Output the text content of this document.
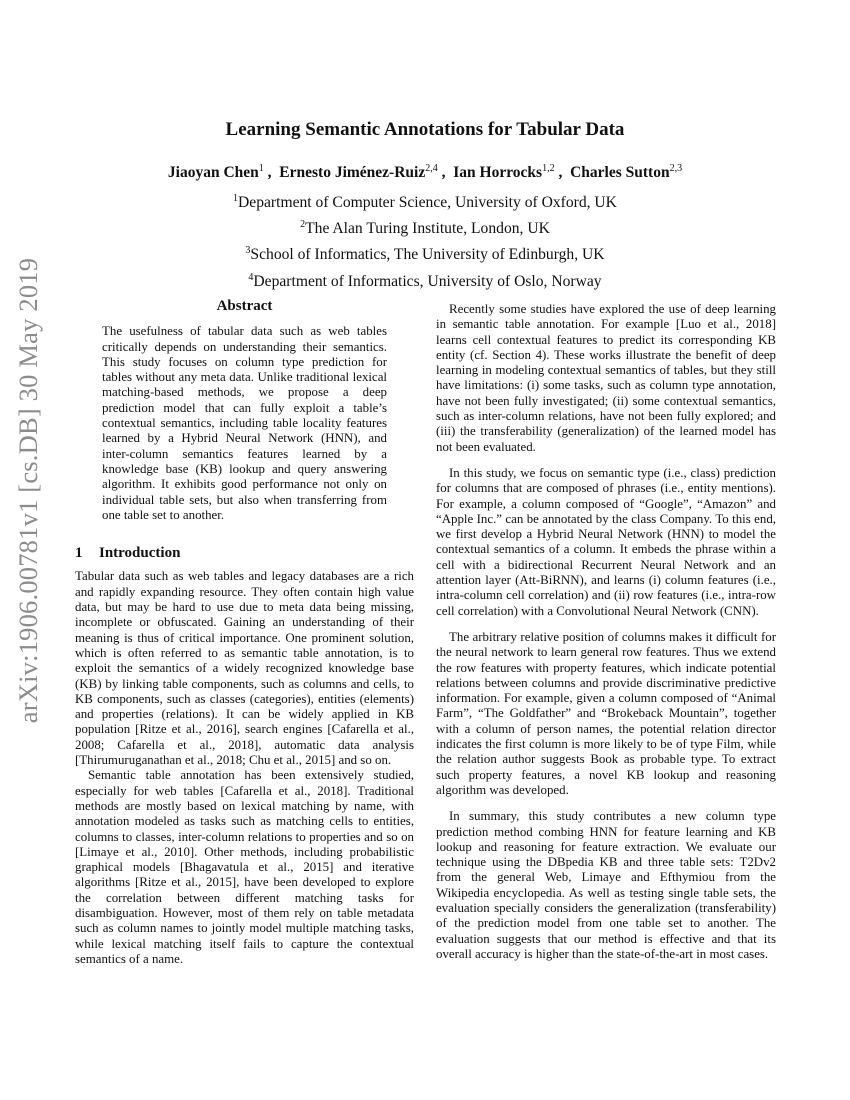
arXiv:1906.00781v1 [cs.DB] 30 May 2019
Learning Semantic Annotations for Tabular Data
Jiaoyan Chen$^1$ ,  Ernesto Jiménez-Ruiz$^{2,4}$ ,  Ian Horrocks$^{1,2}$ ,  Charles Sutton$^{2,3}$
$^1$Department of Computer Science, University of Oxford, UK
$^2$The Alan Turing Institute, London, UK
$^3$School of Informatics, The University of Edinburgh, UK
$^4$Department of Informatics, University of Oslo, Norway
Abstract

The usefulness of tabular data such as web tables critically depends on understanding their semantics. This study focuses on column type prediction for tables without any meta data. Unlike traditional lexical matching-based methods, we propose a deep prediction model that can fully exploit a table’s contextual semantics, including table locality features learned by a Hybrid Neural Network (HNN), and inter-column semantics features learned by a knowledge base (KB) lookup and query answering algorithm. It exhibits good performance not only on individual table sets, but also when transferring from one table set to another.

1 Introduction

Tabular data such as web tables and legacy databases are a rich and rapidly expanding resource. They often contain high value data, but may be hard to use due to meta data being missing, incomplete or obfuscated. Gaining an understanding of their meaning is thus of critical importance. One prominent solution, which is often referred to as semantic table annotation, is to exploit the semantics of a widely recognized knowledge base (KB) by linking table components, such as columns and cells, to KB components, such as classes (categories), entities (elements) and properties (relations). It can be widely applied in KB population [Ritze et al., 2016], search engines [Cafarella et al., 2008; Cafarella et al., 2018], automatic data analysis [Thirumuruganathan et al., 2018; Chu et al., 2015] and so on.

Semantic table annotation has been extensively studied, especially for web tables [Cafarella et al., 2018]. Traditional methods are mostly based on lexical matching by name, with annotation modeled as tasks such as matching cells to entities, columns to classes, inter-column relations to properties and so on [Limaye et al., 2010]. Other methods, including probabilistic graphical models [Bhagavatula et al., 2015] and iterative algorithms [Ritze et al., 2015], have been developed to explore the correlation between different matching tasks for disambiguation. However, most of them rely on table metadata such as column names to jointly model multiple matching tasks, while lexical matching itself fails to capture the contextual semantics of a name.

Recently some studies have explored the use of deep learning in semantic table annotation. For example [Luo et al., 2018] learns cell contextual features to predict its corresponding KB entity (cf. Section 4). These works illustrate the benefit of deep learning in modeling contextual semantics of tables, but they still have limitations: (i) some tasks, such as column type annotation, have not been fully investigated; (ii) some contextual semantics, such as inter-column relations, have not been fully explored; and (iii) the transferability (generalization) of the learned model has not been evaluated.

In this study, we focus on semantic type (i.e., class) prediction for columns that are composed of phrases (i.e., entity mentions). For example, a column composed of “Google”, “Amazon” and “Apple Inc.” can be annotated by the class Company. To this end, we first develop a Hybrid Neural Network (HNN) to model the contextual semantics of a column. It embeds the phrase within a cell with a bidirectional Recurrent Neural Network and an attention layer (Att-BiRNN), and learns (i) column features (i.e., intra-column cell correlation) and (ii) row features (i.e., intra-row cell correlation) with a Convolutional Neural Network (CNN).

The arbitrary relative position of columns makes it difficult for the neural network to learn general row features. Thus we extend the row features with property features, which indicate potential relations between columns and provide discriminative predictive information. For example, given a column composed of “Animal Farm”, “The Goldfather” and “Brokeback Mountain”, together with a column of person names, the potential relation director indicates the first column is more likely to be of type Film, while the relation author suggests Book as probable type. To extract such property features, a novel KB lookup and reasoning algorithm was developed.

In summary, this study contributes a new column type prediction method combing HNN for feature learning and KB lookup and reasoning for feature extraction. We evaluate our technique using the DBpedia KB and three table sets: T2Dv2 from the general Web, Limaye and Efthymiou from the Wikipedia encyclopedia. As well as testing single table sets, the evaluation specially considers the generalization (transferability) of the prediction model from one table set to another. The evaluation suggests that our method is effective and that its overall accuracy is higher than the state-of-the-art in most cases.
